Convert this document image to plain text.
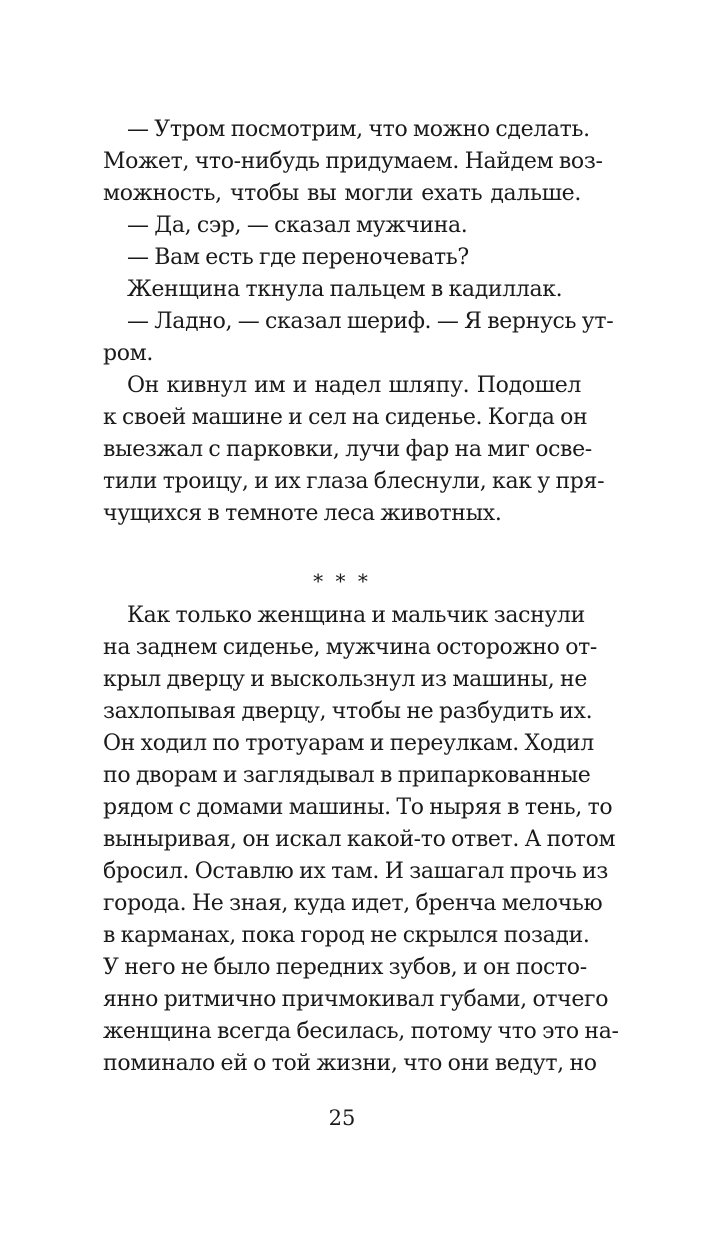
— Утром посмотрим, что можно сделать.
Может, что-нибудь придумаем. Найдем воз-
можность, чтобы вы могли ехать дальше.
— Да, сэр, — сказал мужчина.
— Вам есть где переночевать?
Женщина ткнула пальцем в кадиллак.
— Ладно, — сказал шериф. — Я вернусь ут-
ром.
Он кивнул им и надел шляпу. Подошел
к своей машине и сел на сиденье. Когда он
выезжал с парковки, лучи фар на миг осве-
тили троицу, и их глаза блеснули, как у пря-
чущихся в темноте леса животных.
* * *
Как только женщина и мальчик заснули
на заднем сиденье, мужчина осторожно от-
крыл дверцу и выскользнул из машины, не
захлопывая дверцу, чтобы не разбудить их.
Он ходил по тротуарам и переулкам. Ходил
по дворам и заглядывал в припаркованные
рядом с домами машины. То ныряя в тень, то
выныривая, он искал какой-то ответ. А потом
бросил. Оставлю их там. И зашагал прочь из
города. Не зная, куда идет, бренча мелочью
в карманах, пока город не скрылся позади.
У него не было передних зубов, и он посто-
янно ритмично причмокивал губами, отчего
женщина всегда бесилась, потому что это на-
поминало ей о той жизни, что они ведут, но
25
